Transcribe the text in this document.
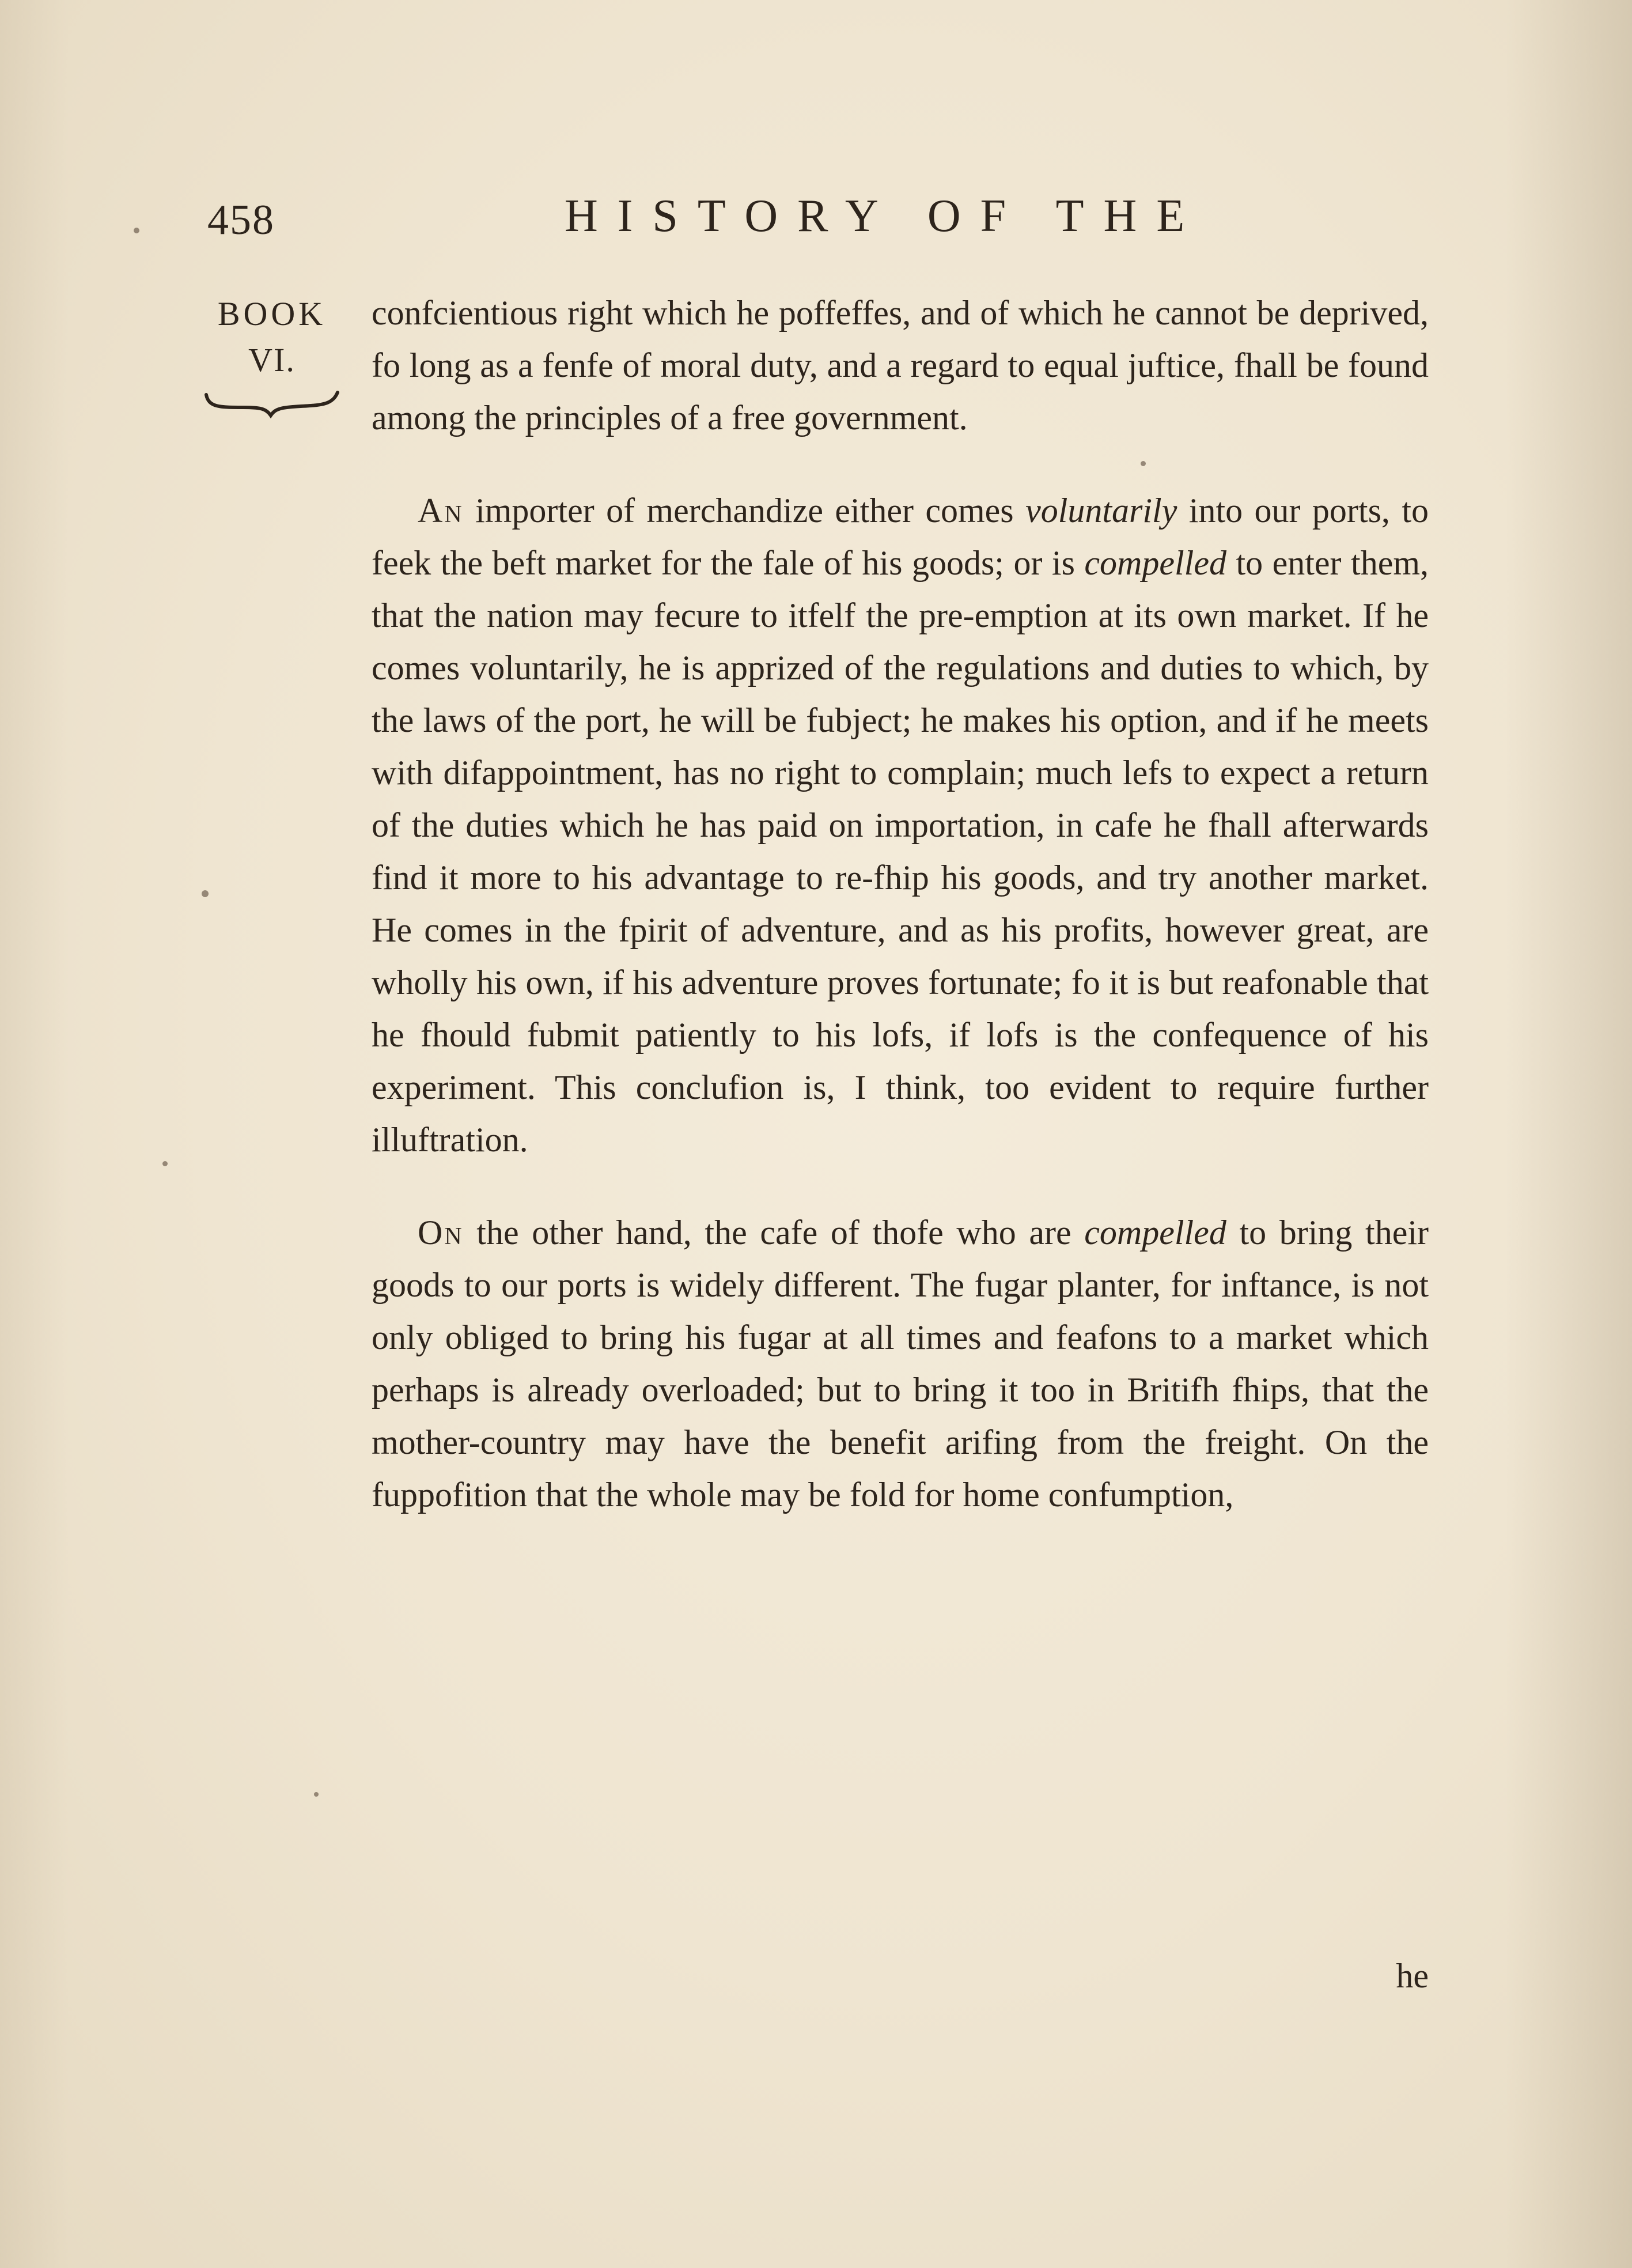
458	HISTORY OF THE
BOOK
VI.

confcientious right which he poffeffes, and of which he cannot be deprived, fo long as a fenfe of moral duty, and a regard to equal juftice, fhall be found among the principles of a free government.

An importer of merchandize either comes voluntarily into our ports, to feek the beft market for the fale of his goods; or is compelled to enter them, that the nation may fecure to itfelf the pre-emption at its own market. If he comes voluntarily, he is apprized of the regulations and duties to which, by the laws of the port, he will be fubject; he makes his option, and if he meets with difappointment, has no right to complain; much lefs to expect a return of the duties which he has paid on importation, in cafe he fhall afterwards find it more to his advantage to re-fhip his goods, and try another market. He comes in the fpirit of adventure, and as his profits, however great, are wholly his own, if his adventure proves fortunate; fo it is but reafonable that he fhould fubmit patiently to his lofs, if lofs is the confequence of his experiment. This conclufion is, I think, too evident to require further illuftration.

On the other hand, the cafe of thofe who are compelled to bring their goods to our ports is widely different. The fugar planter, for inftance, is not only obliged to bring his fugar at all times and feafons to a market which perhaps is already overloaded; but to bring it too in Britifh fhips, that the mother-country may have the benefit arifing from the freight. On the fuppofition that the whole may be fold for home confumption,

he
